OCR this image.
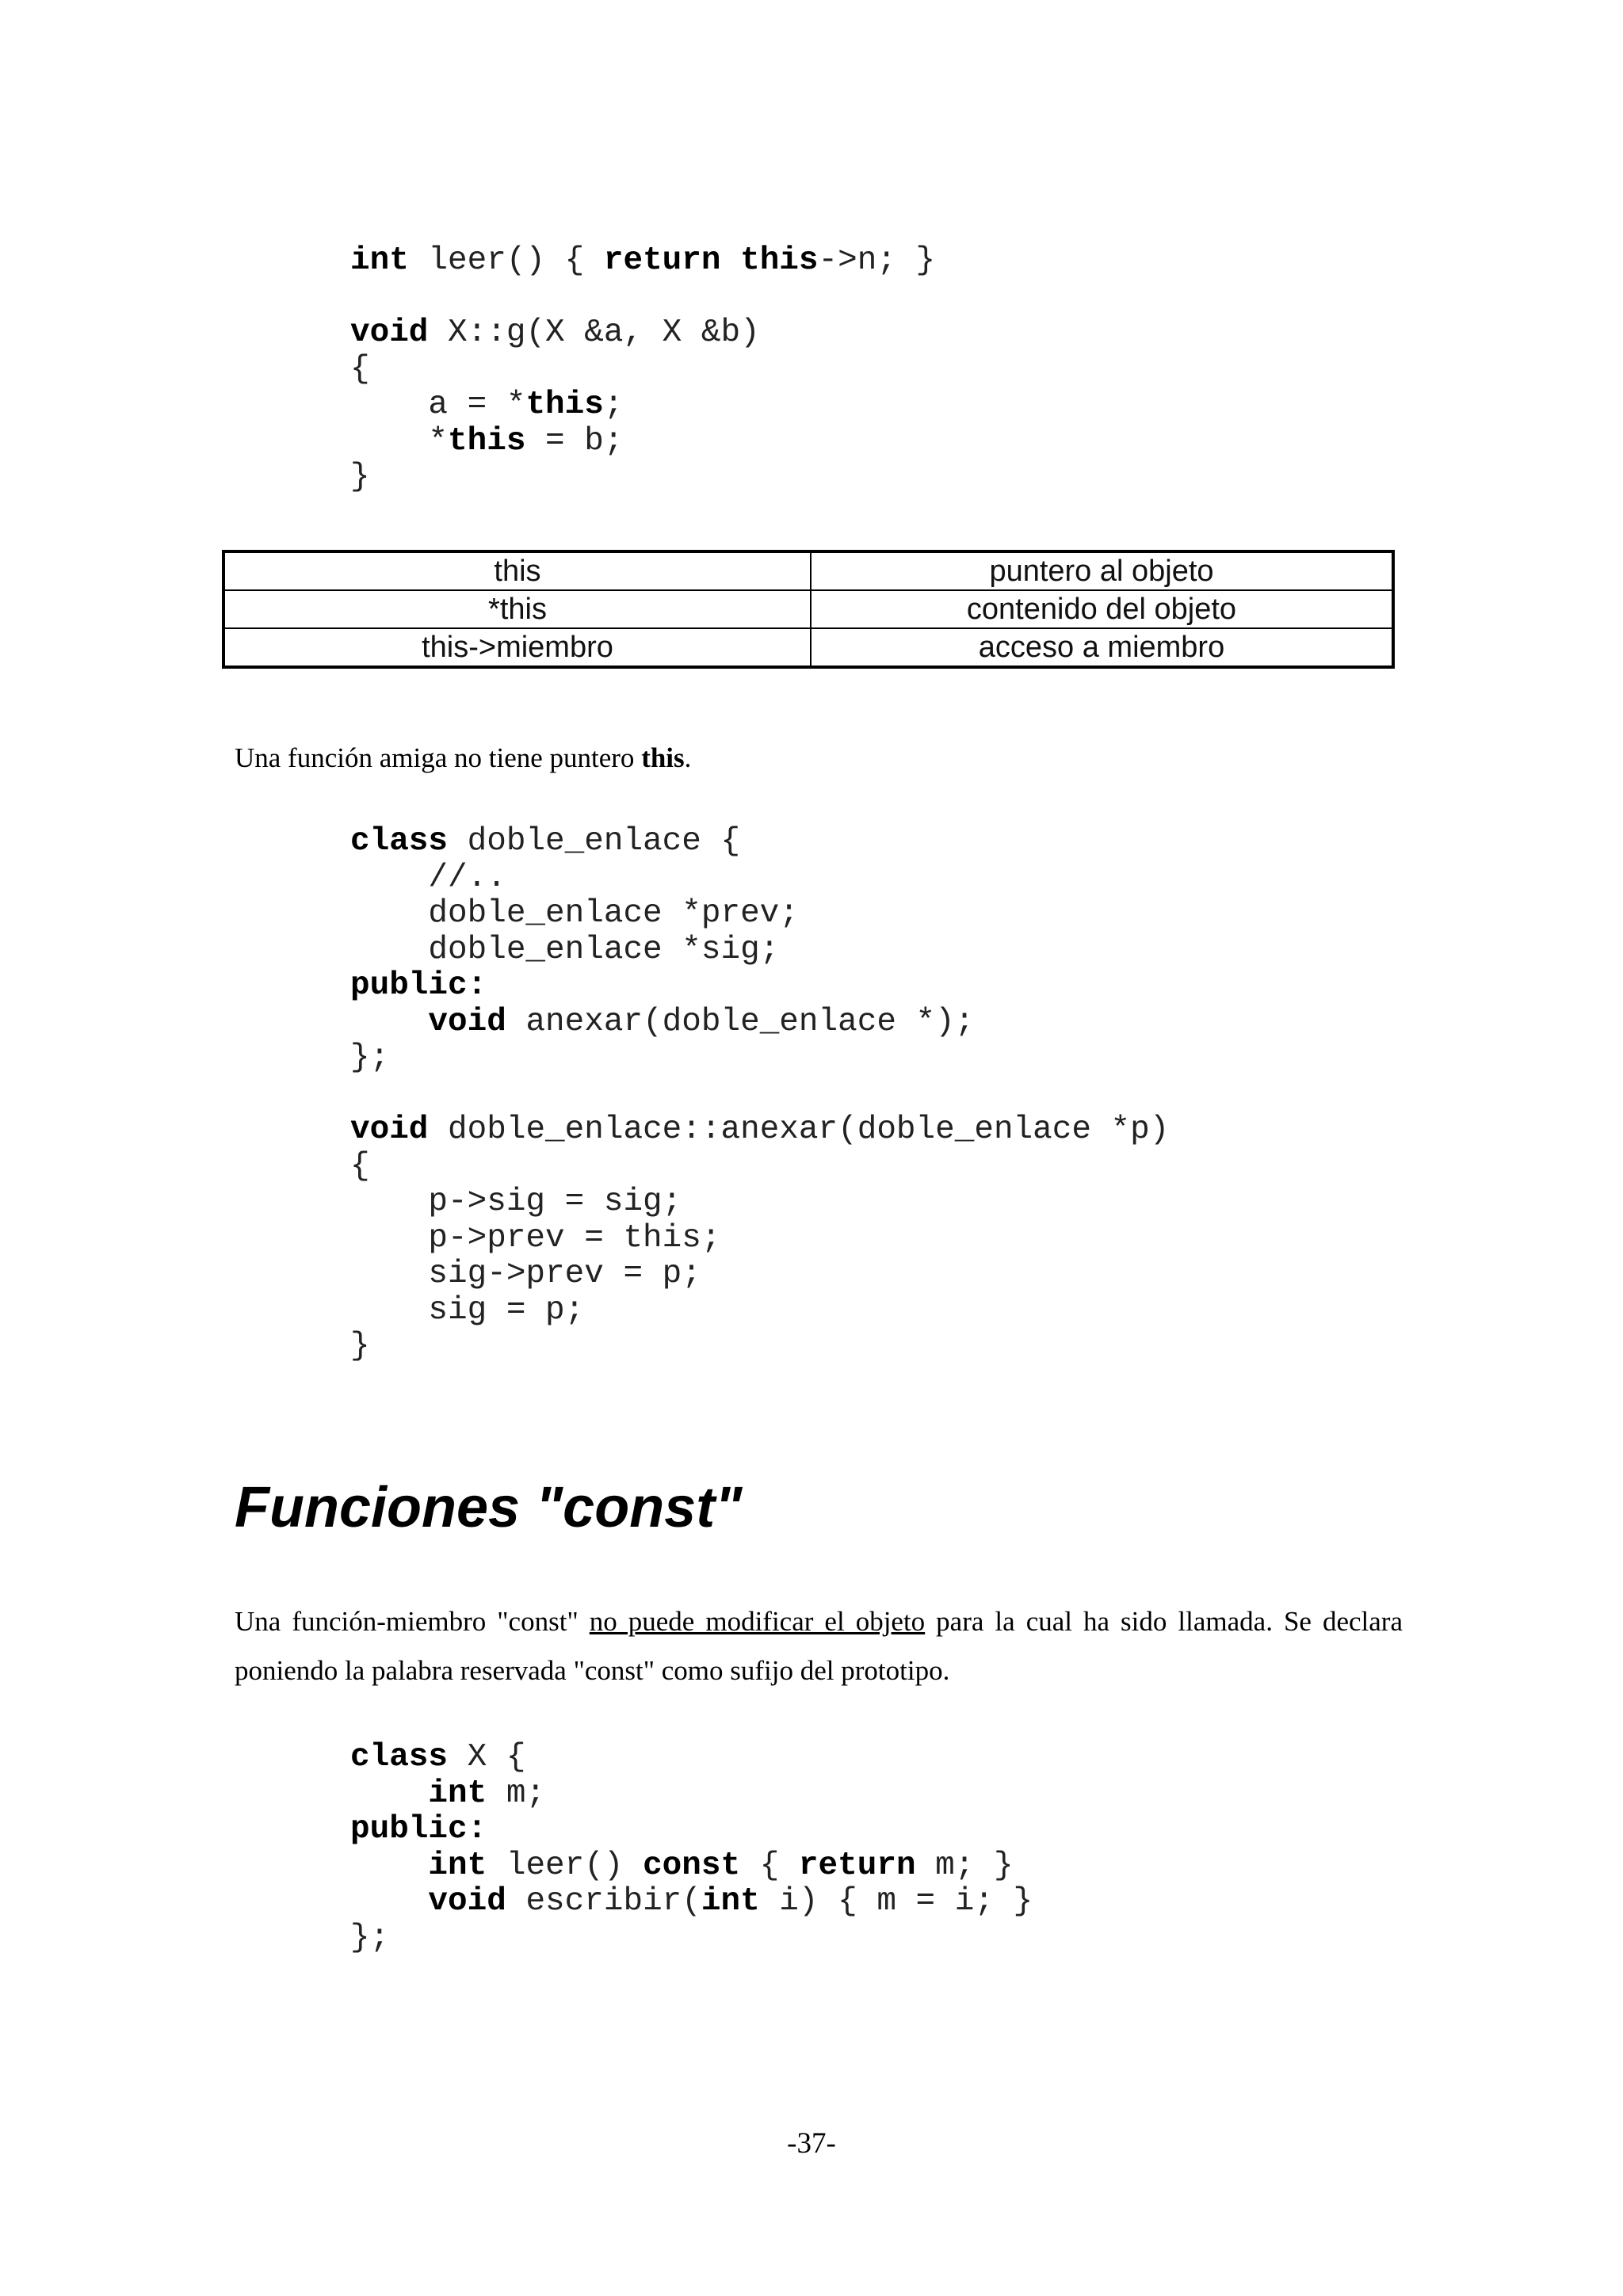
int leer() { return this->n; }

void X::g(X &a, X &b)
{
a = *this;
*this = b;
}
this	puntero al objeto
*this	contenido del objeto
this->miembro	acceso a miembro

Una función amiga no tiene puntero this.

class doble_enlace {
//..
doble_enlace *prev;
doble_enlace *sig;
public:
void anexar(doble_enlace *);
};

void doble_enlace::anexar(doble_enlace *p)
{
p->sig = sig;
p->prev = this;
sig->prev = p;
sig = p;
}
Funciones "const"

Una función-miembro "const" no puede modificar el objeto para la cual ha sido llamada. Se declara poniendo la palabra reservada "const" como sufijo del prototipo.

class X {
int m;
public:
int leer() const { return m; }
void escribir(int i) { m = i; }
};
-37-
